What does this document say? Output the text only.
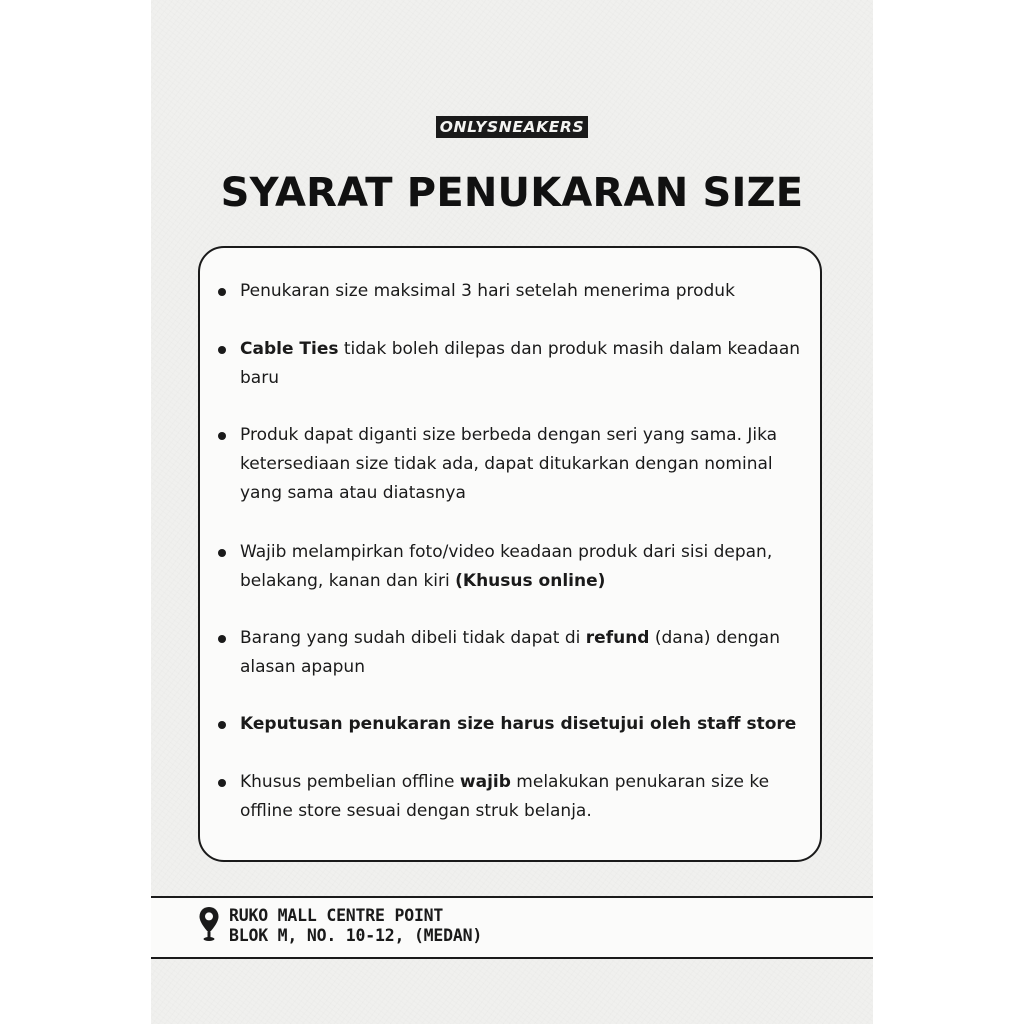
ONLYSNEAKERS
SYARAT PENUKARAN SIZE
Penukaran size maksimal 3 hari setelah menerima produk
Cable Ties tidak boleh dilepas dan produk masih dalam keadaan baru
Produk dapat diganti size berbeda dengan seri yang sama. Jika ketersediaan size tidak ada, dapat ditukarkan dengan nominal yang sama atau diatasnya
Wajib melampirkan foto/video keadaan produk dari sisi depan, belakang, kanan dan kiri (Khusus online)
Barang yang sudah dibeli tidak dapat di refund (dana) dengan alasan apapun
Keputusan penukaran size harus disetujui oleh staff store
Khusus pembelian offline wajib melakukan penukaran size ke offline store sesuai dengan struk belanja.
RUKO MALL CENTRE POINT
BLOK M, NO. 10-12, (MEDAN)
